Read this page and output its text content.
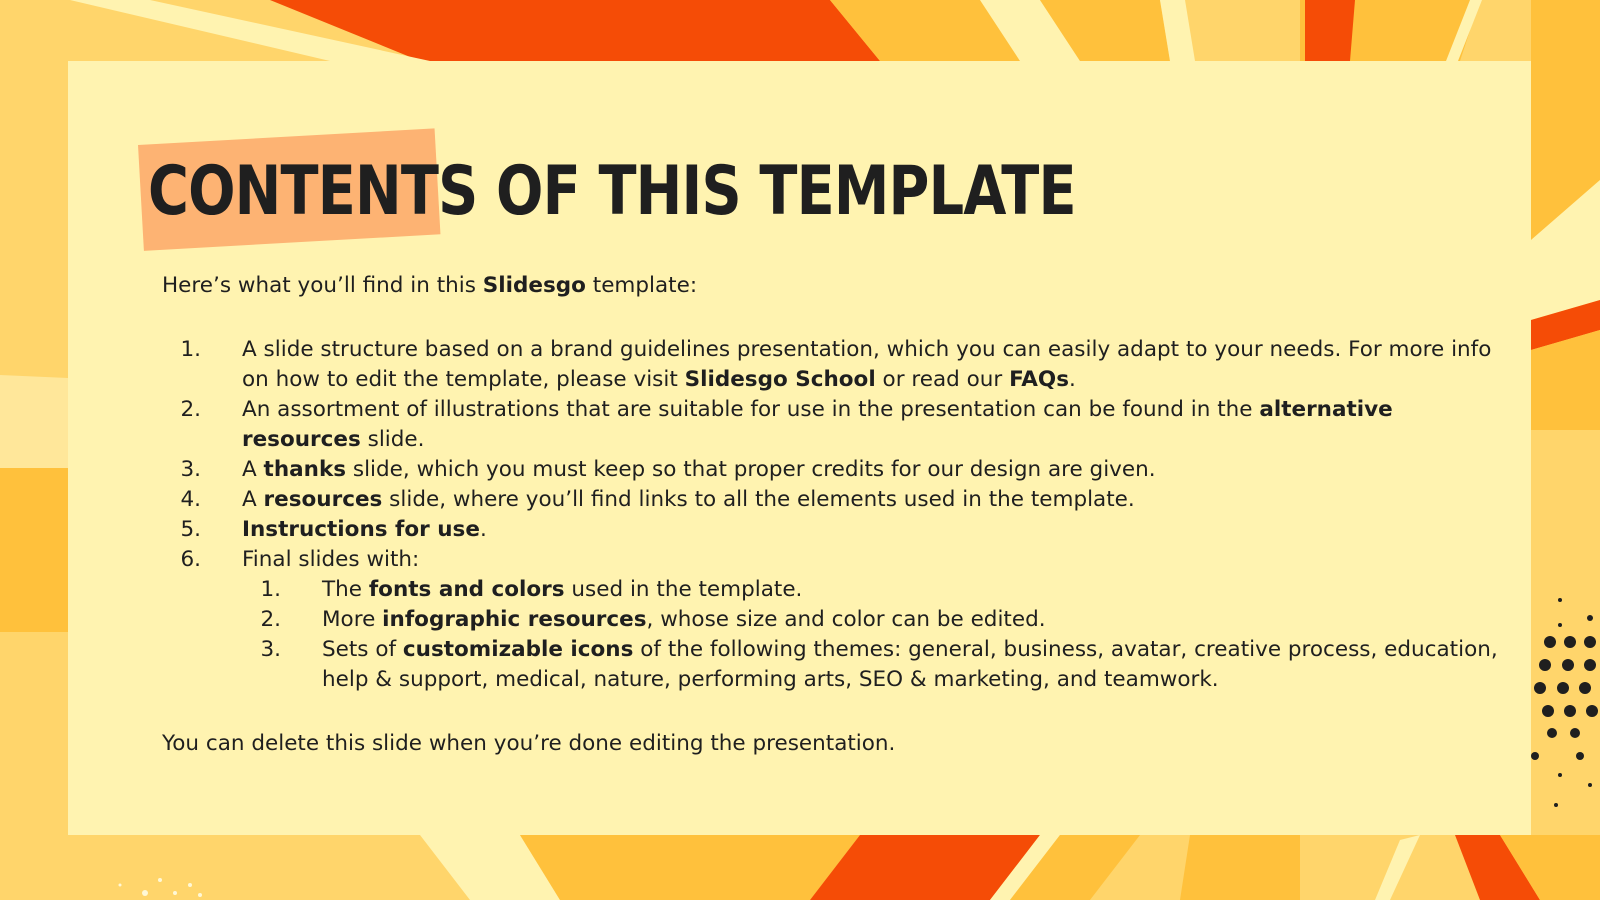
CONTENTS OF THIS TEMPLATE

Here’s what you’ll find in this Slidesgo template:

1.	A slide structure based on a brand guidelines presentation, which you can easily adapt to your needs. For more info on how to edit the template, please visit Slidesgo School or read our FAQs.
2.	An assortment of illustrations that are suitable for use in the presentation can be found in the alternative resources slide.
3.	A thanks slide, which you must keep so that proper credits for our design are given.
4.	A resources slide, where you’ll find links to all the elements used in the template.
5.	Instructions for use.
6.	Final slides with:
1.	The fonts and colors used in the template.
2.	More infographic resources, whose size and color can be edited.
3.	Sets of customizable icons of the following themes: general, business, avatar, creative process, education, help & support, medical, nature, performing arts, SEO & marketing, and teamwork.

You can delete this slide when you’re done editing the presentation.
